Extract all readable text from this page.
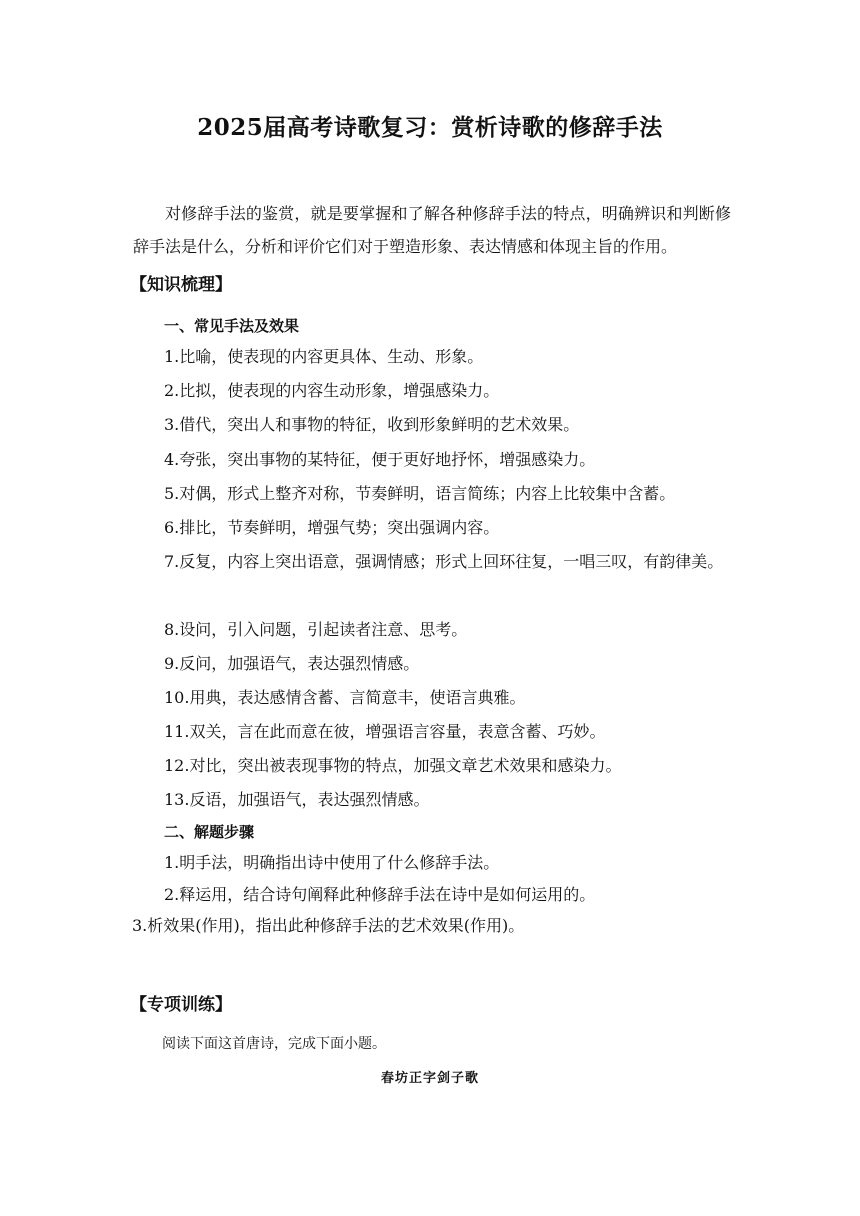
2025届高考诗歌复习：赏析诗歌的修辞手法
对修辞手法的鉴赏，就是要掌握和了解各种修辞手法的特点，明确辨识和判断修辞手法是什么，分析和评价它们对于塑造形象、表达情感和体现主旨的作用。
【知识梳理】
一、常见手法及效果
1.比喻，使表现的内容更具体、生动、形象。
2.比拟，使表现的内容生动形象，增强感染力。
3.借代，突出人和事物的特征，收到形象鲜明的艺术效果。
4.夸张，突出事物的某特征，便于更好地抒怀，增强感染力。
5.对偶，形式上整齐对称，节奏鲜明，语言简练；内容上比较集中含蓄。
6.排比，节奏鲜明，增强气势；突出强调内容。
7.反复，内容上突出语意，强调情感；形式上回环往复，一唱三叹，有韵律美。
8.设问，引入问题，引起读者注意、思考。
9.反问，加强语气，表达强烈情感。
10.用典，表达感情含蓄、言简意丰，使语言典雅。
11.双关，言在此而意在彼，增强语言容量，表意含蓄、巧妙。
12.对比，突出被表现事物的特点，加强文章艺术效果和感染力。
13.反语，加强语气，表达强烈情感。
二、解题步骤
1.明手法，明确指出诗中使用了什么修辞手法。
2.释运用，结合诗句阐释此种修辞手法在诗中是如何运用的。
3.析效果(作用)，指出此种修辞手法的艺术效果(作用)。
【专项训练】
阅读下面这首唐诗，完成下面小题。
春坊正字剑子歌
